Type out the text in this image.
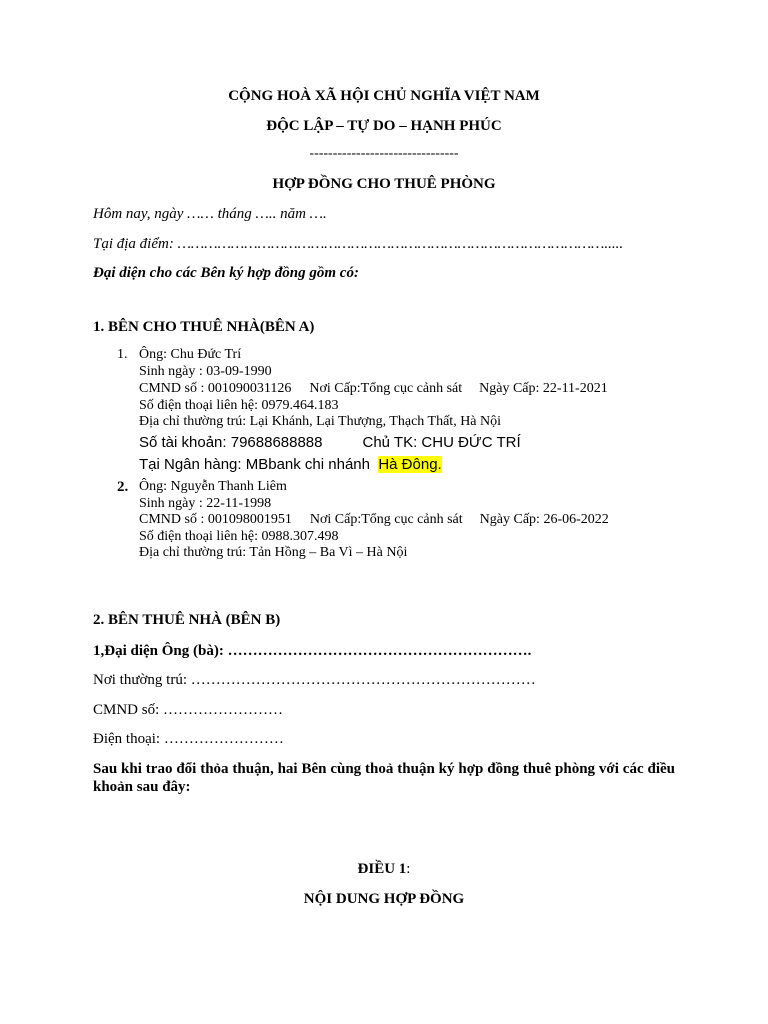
CỘNG HOÀ XÃ HỘI CHỦ NGHĨA VIỆT NAM
ĐỘC LẬP – TỰ DO – HẠNH PHÚC
--------------------------------
HỢP ĐỒNG CHO THUÊ PHÒNG
Hôm nay, ngày …… tháng ….. năm ….
Tại địa điểm: …………………………………………………………………………………….....
Đại diện cho các Bên ký hợp đồng gồm có:
1. BÊN CHO THUÊ NHÀ(BÊN A)
1. Ông: Chu Đức Trí
Sinh ngày : 03-09-1990
CMND số : 001090031126 Nơi Cấp:Tổng cục cảnh sát Ngày Cấp: 22-11-2021
Số điện thoại liên hệ: 0979.464.183
Địa chỉ thường trú: Lại Khánh, Lại Thượng, Thạch Thất, Hà Nội
Số tài khoản: 79688688888	Chủ TK: CHU ĐỨC TRÍ
Tại Ngân hàng: MBbank chi nhánh Hà Đông.
2. Ông: Nguyễn Thanh Liêm
Sinh ngày : 22-11-1998
CMND số : 001098001951 Nơi Cấp:Tổng cục cảnh sát Ngày Cấp: 26-06-2022
Số điện thoại liên hệ: 0988.307.498
Địa chỉ thường trú: Tản Hồng – Ba Vì – Hà Nội
2. BÊN THUÊ NHÀ (BÊN B)
1,Đại diện Ông (bà): …………………………………………………….
Nơi thường trú: ……………………………………………………………
CMND số: ……………………
Điện thoại: ……………………
Sau khi trao đổi thỏa thuận, hai Bên cùng thoả thuận ký hợp đồng thuê phòng với các điều khoản sau đây:
ĐIỀU 1:
NỘI DUNG HỢP ĐỒNG
